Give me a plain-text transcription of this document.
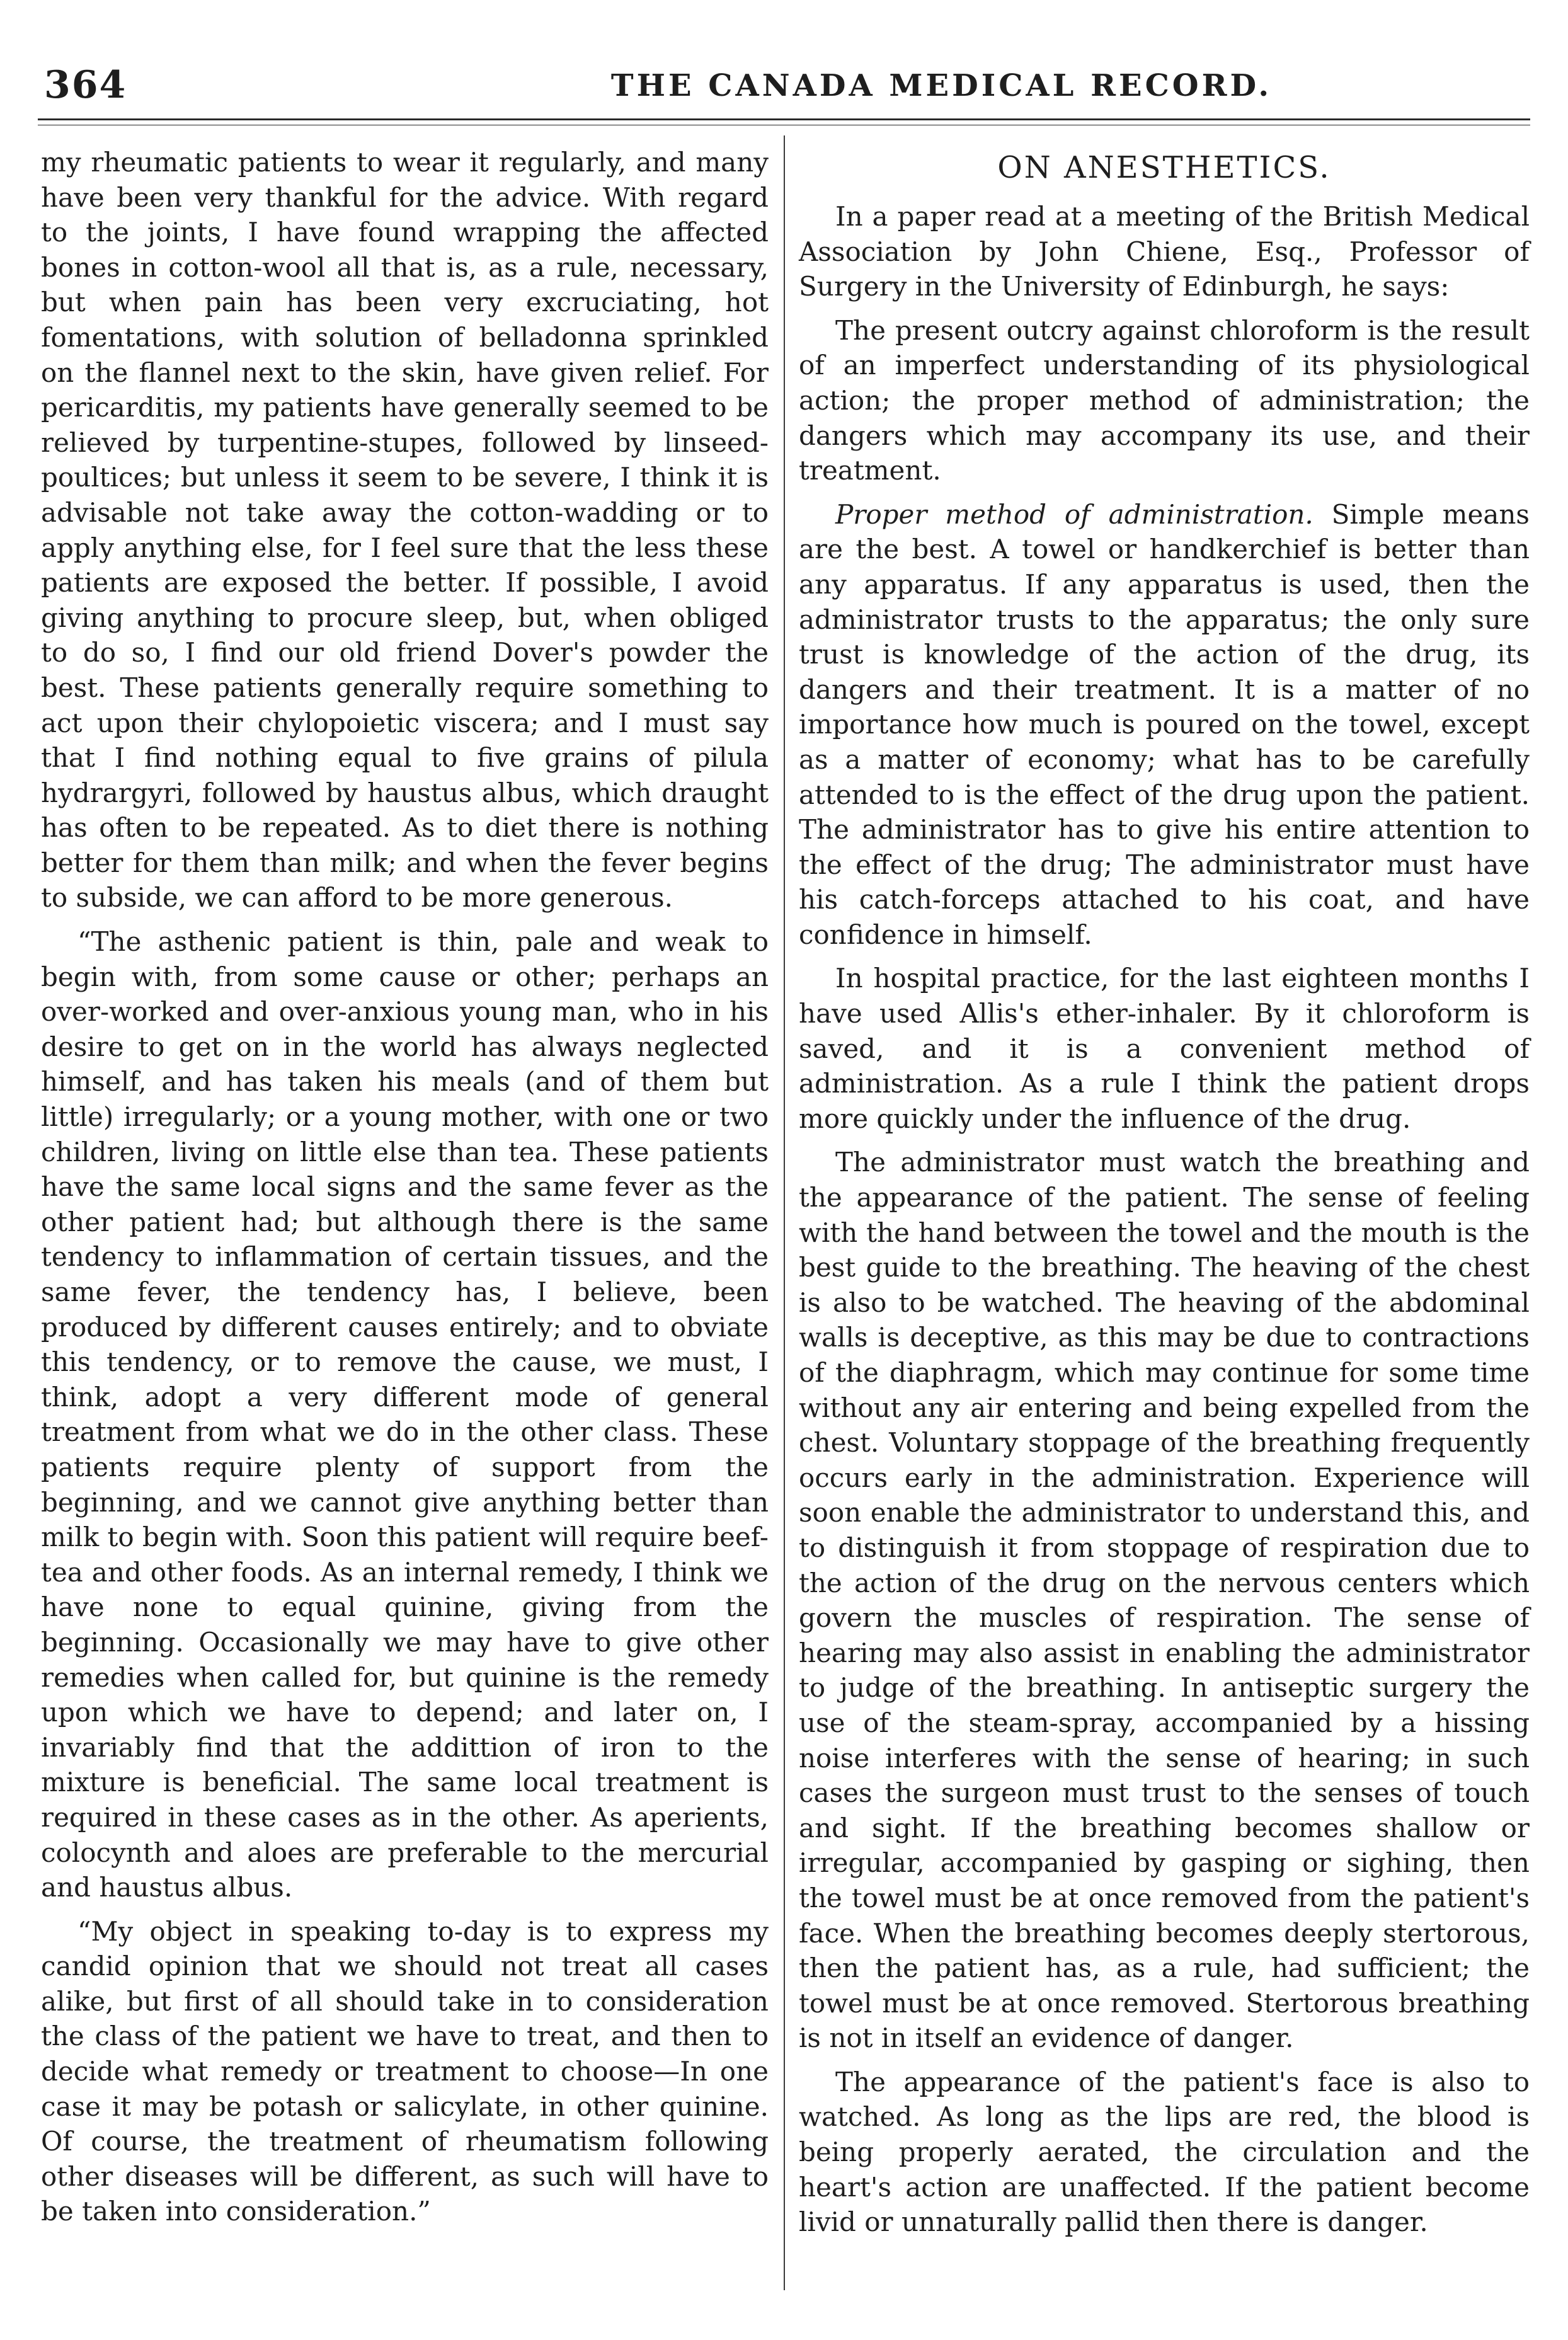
364	THE CANADA MEDICAL RECORD.

my rheumatic patients to wear it regularly, and many have been very thankful for the advice. With regard to the joints, I have found wrapping the affected bones in cotton-wool all that is, as a rule, necessary, but when pain has been very excruciating, hot fomentations, with solution of belladonna sprinkled on the flannel next to the skin, have given relief. For pericarditis, my patients have generally seemed to be relieved by turpentine-stupes, followed by linseed-poultices; but unless it seem to be severe, I think it is advisable not take away the cotton-wadding or to apply anything else, for I feel sure that the less these patients are exposed the better. If possible, I avoid giving anything to procure sleep, but, when obliged to do so, I find our old friend Dover's powder the best. These patients generally require something to act upon their chylopoietic viscera; and I must say that I find nothing equal to five grains of pilula hydrargyri, followed by haustus albus, which draught has often to be repeated. As to diet there is nothing better for them than milk; and when the fever begins to subside, we can afford to be more generous.

“The asthenic patient is thin, pale and weak to begin with, from some cause or other; perhaps an over-worked and over-anxious young man, who in his desire to get on in the world has always neglected himself, and has taken his meals (and of them but little) irregularly; or a young mother, with one or two children, living on little else than tea. These patients have the same local signs and the same fever as the other patient had; but although there is the same tendency to inflammation of certain tissues, and the same fever, the tendency has, I believe, been produced by different causes entirely; and to obviate this tendency, or to remove the cause, we must, I think, adopt a very different mode of general treatment from what we do in the other class. These patients require plenty of support from the beginning, and we cannot give anything better than milk to begin with. Soon this patient will require beef-tea and other foods. As an internal remedy, I think we have none to equal quinine, giving from the beginning. Occasionally we may have to give other remedies when called for, but quinine is the remedy upon which we have to depend; and later on, I invariably find that the addittion of iron to the mixture is beneficial. The same local treatment is required in these cases as in the other. As aperients, colocynth and aloes are preferable to the mercurial and haustus albus.

“My object in speaking to-day is to express my candid opinion that we should not treat all cases alike, but first of all should take in to consideration the class of the patient we have to treat, and then to decide what remedy or treatment to choose—In one case it may be potash or salicylate, in other quinine. Of course, the treatment of rheumatism following other diseases will be different, as such will have to be taken into consideration.”

ON ANESTHETICS.

In a paper read at a meeting of the British Medical Association by John Chiene, Esq., Professor of Surgery in the University of Edinburgh, he says:

The present outcry against chloroform is the result of an imperfect understanding of its physiological action; the proper method of administration; the dangers which may accompany its use, and their treatment.

Proper method of administration. Simple means are the best. A towel or handkerchief is better than any apparatus. If any apparatus is used, then the administrator trusts to the apparatus; the only sure trust is knowledge of the action of the drug, its dangers and their treatment. It is a matter of no importance how much is poured on the towel, except as a matter of economy; what has to be carefully attended to is the effect of the drug upon the patient. The administrator has to give his entire attention to the effect of the drug; The administrator must have his catch-forceps attached to his coat, and have confidence in himself.

In hospital practice, for the last eighteen months I have used Allis's ether-inhaler. By it chloroform is saved, and it is a convenient method of administration. As a rule I think the patient drops more quickly under the influence of the drug.

The administrator must watch the breathing and the appearance of the patient. The sense of feeling with the hand between the towel and the mouth is the best guide to the breathing. The heaving of the chest is also to be watched. The heaving of the abdominal walls is deceptive, as this may be due to contractions of the diaphragm, which may continue for some time without any air entering and being expelled from the chest. Voluntary stoppage of the breathing frequently occurs early in the administration. Experience will soon enable the administrator to understand this, and to distinguish it from stoppage of respiration due to the action of the drug on the nervous centers which govern the muscles of respiration. The sense of hearing may also assist in enabling the administrator to judge of the breathing. In antiseptic surgery the use of the steam-spray, accompanied by a hissing noise interferes with the sense of hearing; in such cases the surgeon must trust to the senses of touch and sight. If the breathing becomes shallow or irregular, accompanied by gasping or sighing, then the towel must be at once removed from the patient's face. When the breathing becomes deeply stertorous, then the patient has, as a rule, had sufficient; the towel must be at once removed. Stertorous breathing is not in itself an evidence of danger.

The appearance of the patient's face is also to watched. As long as the lips are red, the blood is being properly aerated, the circulation and the heart's action are unaffected. If the patient become livid or unnaturally pallid then there is danger.
